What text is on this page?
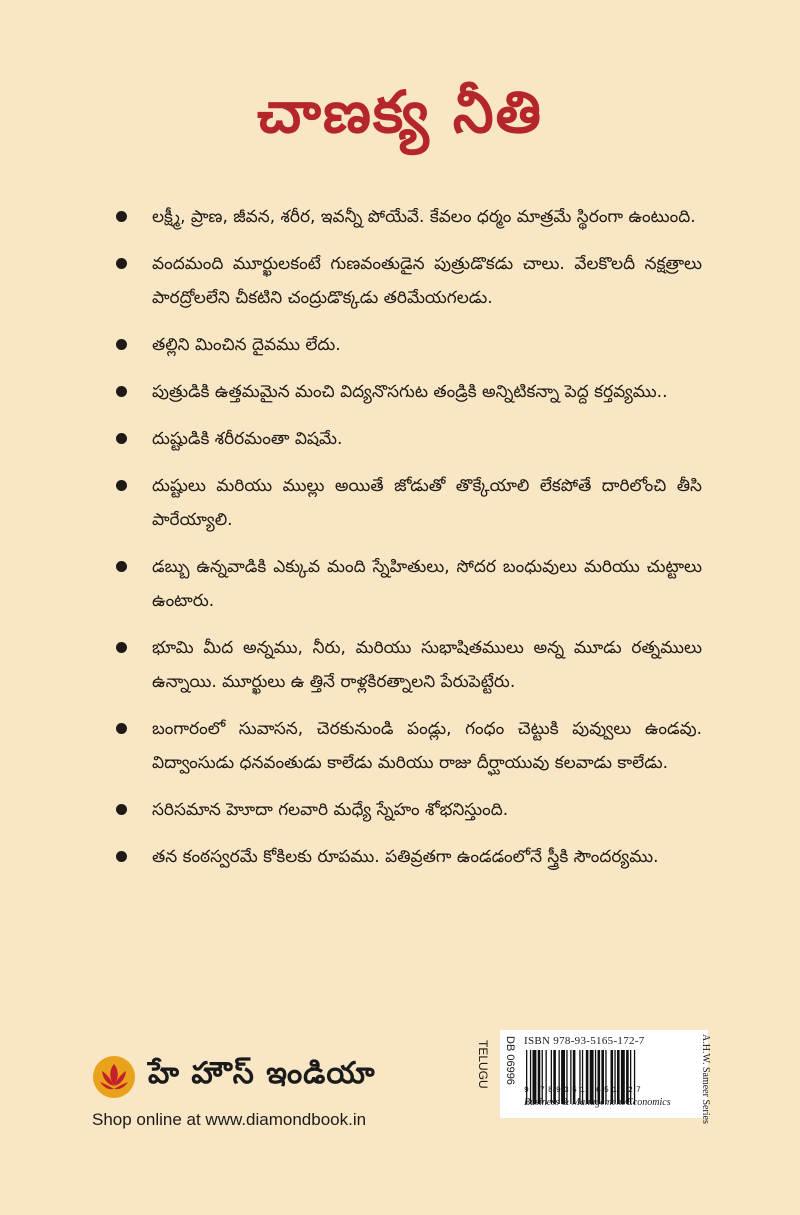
చాణక్య నీతి
లక్ష్మీ, ప్రాణ, జీవన, శరీర, ఇవన్నీ పోయేవే. కేవలం ధర్మం మాత్రమే స్థిరంగా ఉంటుంది.
వందమంది మూర్ఖులకంటే గుణవంతుడైన పుత్రుడొకడు చాలు. వేలకొలదీ నక్షత్రాలు పారద్రోలలేని చీకటిని చంద్రుడొక్కడు తరిమేయగలడు.
తల్లిని మించిన దైవము లేదు.
పుత్రుడికి ఉత్తమమైన మంచి విద్యనొసగుట తండ్రికి అన్నిటికన్నా పెద్ద కర్తవ్యము..
దుష్టుడికి శరీరమంతా విషమే.
దుష్టులు మరియు ముల్లు అయితే జోడుతో తొక్కేయాలి లేకపోతే దారిలోంచి తీసి పారేయ్యాలి.
డబ్బు ఉన్నవాడికి ఎక్కువ మంది స్నేహితులు, సోదర బంధువులు మరియు చుట్టాలు ఉంటారు.
భూమి మీద అన్నము, నీరు, మరియు సుభాషితములు అన్న మూడు రత్నములు ఉన్నాయి. మూర్ఖులు ఉ త్తినే రాళ్లకిరత్నాలని పేరుపెట్టేరు.
బంగారంలో సువాసన, చెరకునుండి పండ్లు, గంధం చెట్టుకి పువ్వులు ఉండవు. విద్వాంసుడు ధనవంతుడు కాలేడు మరియు రాజు దీర్ఘాయువు కలవాడు కాలేడు.
సరిసమాన హెూదా గలవారి మధ్యే స్నేహం శోభనిస్తుంది.
తన కంఠస్వరమే కోకిలకు రూపము. పతివ్రతగా ఉండడంలోనే స్త్రీకి సౌందర్యము.
హే హౌస్ ఇండియా
Shop online at www.diamondbook.in
TELUGU DB 06996 ISBN 978-93-5165-172-7
9 789351 651727
Business & Management/Economics	A.H.W. Sameer Series
